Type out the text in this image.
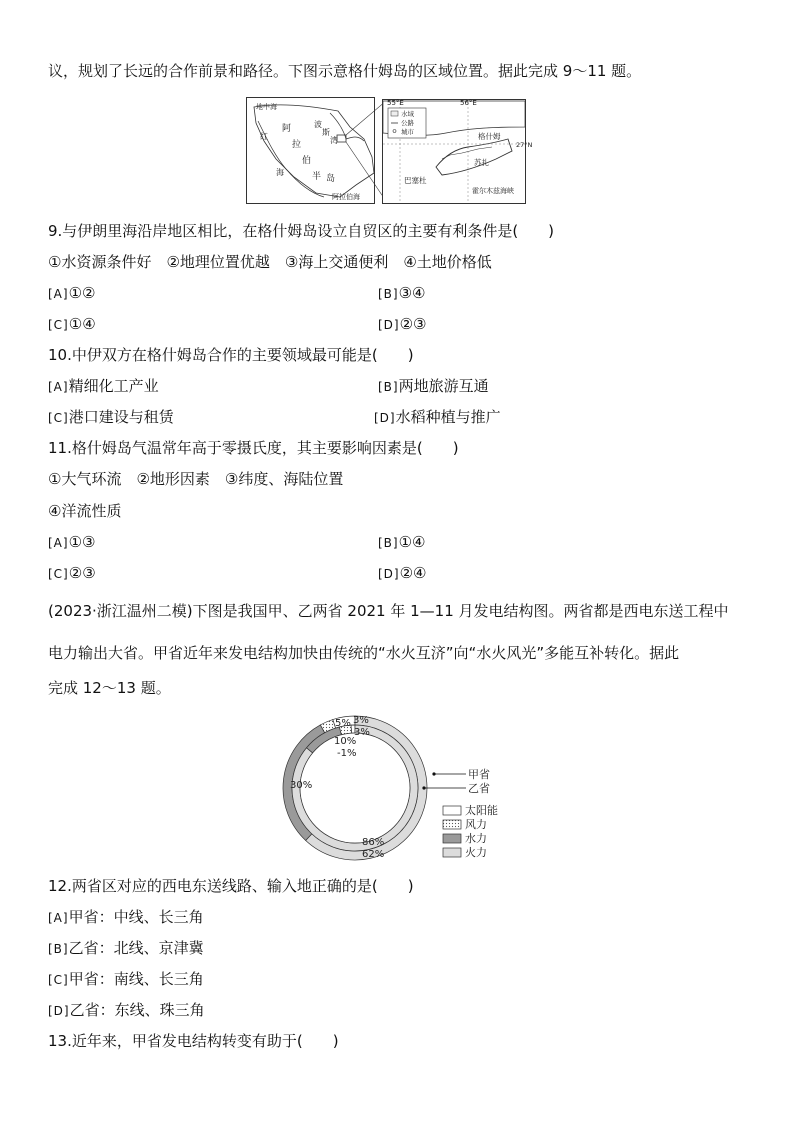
议，规划了长远的合作前景和路径。下图示意格什姆岛的区域位置。据此完成 9～11 题。
地中海
红
海
阿
拉
伯
半 岛
波
斯
湾
阿拉伯海
55°E	56°E
27°N
水域
公路
城市	格什姆
苏扎
巴塞杜
霍尔木兹海峡
9.与伊朗里海沿岸地区相比，在格什姆岛设立自贸区的主要有利条件是(　　)
①水资源条件好　②地理位置优越　③海上交通便利　④土地价格低
[A]①②	[B]③④
[C]①④	[D]②③
10.中伊双方在格什姆岛合作的主要领域最可能是(　　)
[A]精细化工产业	[B]两地旅游互通
[C]港口建设与租赁	[D]水稻种植与推广
11.格什姆岛气温常年高于零摄氏度，其主要影响因素是(　　)
①大气环流　②地形因素　③纬度、海陆位置
④洋流性质
[A]①③	[B]①④
[C]②③	[D]②④
(2023·浙江温州二模)下图是我国甲、乙两省 2021 年 1—11 月发电结构图。两省都是西电东送工程中
电力输出大省。甲省近年来发电结构加快由传统的“水火互济”向“水火风光”多能互补转化。据此
完成 12～13 题。
5% 3%
3%
10%
-1%
30%
86%
62%
甲省
乙省
太阳能
风力
水力
火力
12.两省区对应的西电东送线路、输入地正确的是(　　)
[A]甲省：中线、长三角
[B]乙省：北线、京津冀
[C]甲省：南线、长三角
[D]乙省：东线、珠三角
13.近年来，甲省发电结构转变有助于(　　)
